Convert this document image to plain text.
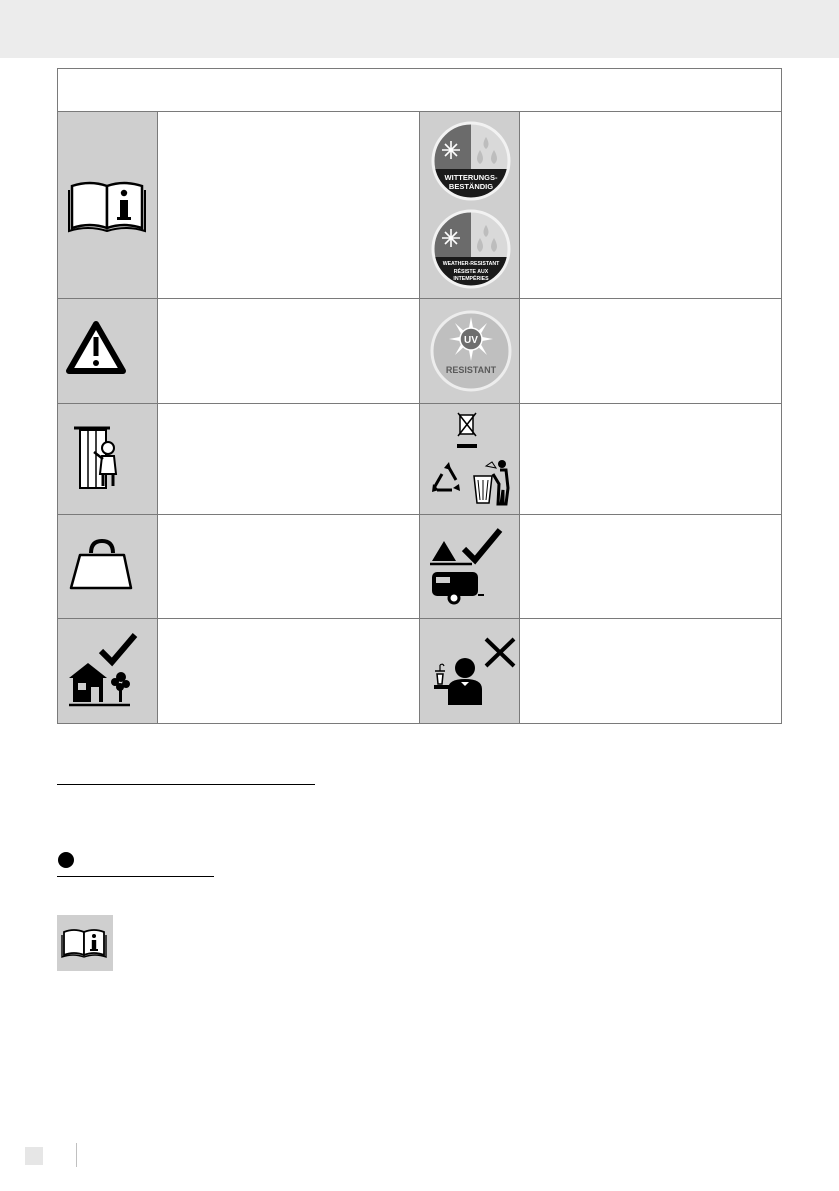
WITTERUNGS-
BESTÄNDIG
WEATHER-RESISTANT
RÉSISTE AUX
INTEMPÉRIES
UV
RESISTANT
